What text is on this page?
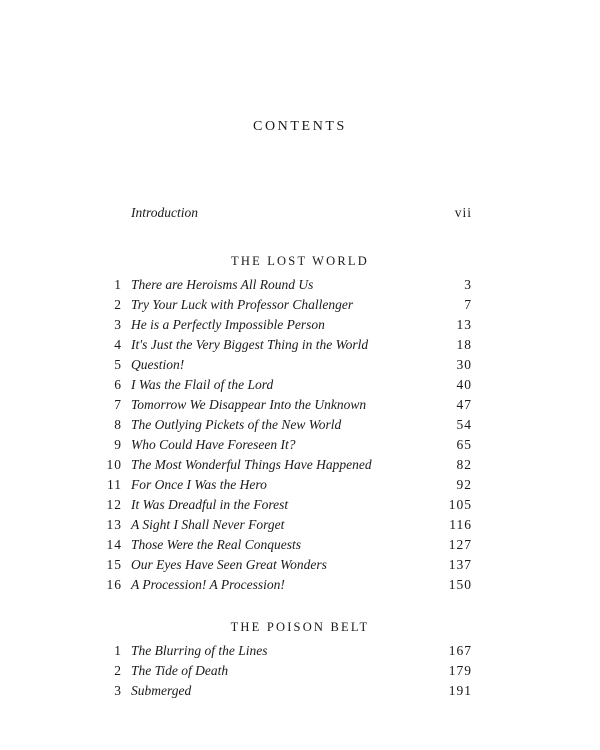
CONTENTS
Introduction	vii
THE LOST WORLD
1 There are Heroisms All Round Us	3
2 Try Your Luck with Professor Challenger	7
3 He is a Perfectly Impossible Person	13
4 It's Just the Very Biggest Thing in the World	18
5 Question!	30
6 I Was the Flail of the Lord	40
7 Tomorrow We Disappear Into the Unknown	47
8 The Outlying Pickets of the New World	54
9 Who Could Have Foreseen It?	65
10 The Most Wonderful Things Have Happened	82
11 For Once I Was the Hero	92
12 It Was Dreadful in the Forest	105
13 A Sight I Shall Never Forget	116
14 Those Were the Real Conquests	127
15 Our Eyes Have Seen Great Wonders	137
16 A Procession! A Procession!	150
THE POISON BELT
1 The Blurring of the Lines	167
2 The Tide of Death	179
3 Submerged	191
